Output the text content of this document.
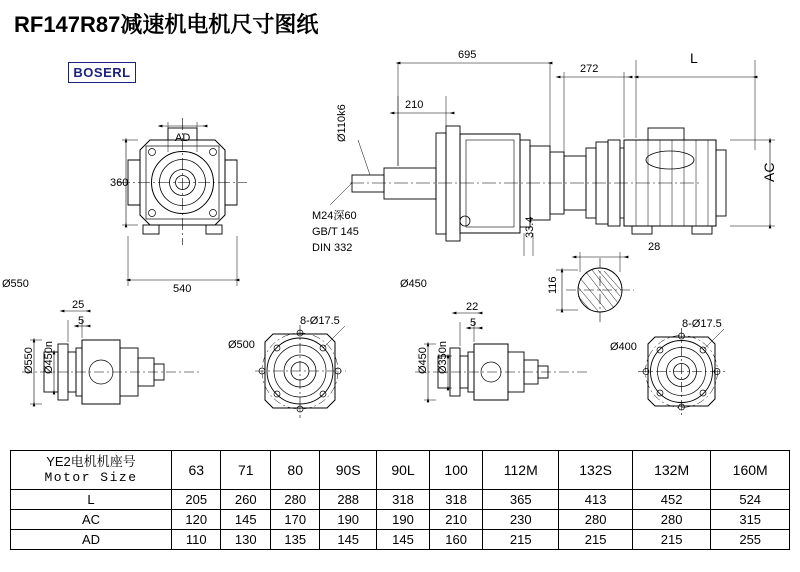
RF147R87减速机电机尺寸图纸
BOSERL
AD
360
540
Ø550
695
210
272
L
AC
Ø110k6
M24深60
GB/T 145
DIN 332
33.4
28
116
Ø450
25
5
Ø550 Ø450n
8-Ø17.5
Ø500
22
5
Ø450 Ø350n
8-Ø17.5
Ø400
YE2电机机座号
Motor Size	63	71	80	90S	90L	100	112M	132S	132M	160M
L	205	260	280	288	318	318	365	413	452	524
AC	120	145	170	190	190	210	230	280	280	315
AD	110	130	135	145	145	160	215	215	215	255
